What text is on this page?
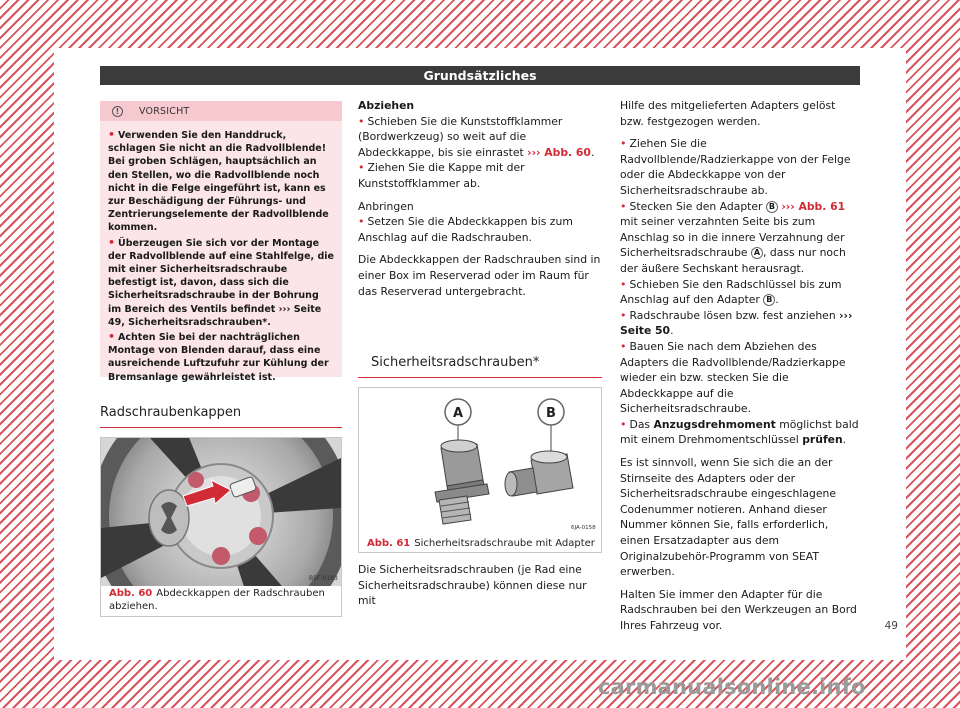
Grundsätzliches
!	VORSICHT
• Verwenden Sie den Handdruck, schlagen Sie nicht an die Radvollblende! Bei groben Schlägen, hauptsächlich an den Stellen, wo die Radvollblende noch nicht in die Felge eingeführt ist, kann es zur Beschädigung der Führungs- und Zentrierungselemente der Radvollblende kommen.
• Überzeugen Sie sich vor der Montage der Radvollblende auf eine Stahlfelge, die mit einer Sicherheitsradschraube befestigt ist, davon, dass sich die Sicherheitsradschraube in der Bohrung im Bereich des Ventils befindet ››› Seite 49, Sicherheitsradschrauben*.
• Achten Sie bei der nachträglichen Montage von Blenden darauf, dass eine ausreichende Luftzufuhr zur Kühlung der Bremsanlage gewährleistet ist.
Radschraubenkappen
B5F-0183
Abb. 60 Abdeckkappen der Radschrauben abziehen.

Abziehen

• Schieben Sie die Kunststoffklammer (Bordwerkzeug) so weit auf die Abdeckkappe, bis sie einrastet ››› Abb. 60.

• Ziehen Sie die Kappe mit der Kunststoffklammer ab.

Anbringen

• Setzen Sie die Abdeckkappen bis zum Anschlag auf die Radschrauben.

Die Abdeckkappen der Radschrauben sind in einer Box im Reserverad oder im Raum für das Reserverad untergebracht.

Sicherheitsradschrauben*
A	B
6JA-0158
Abb. 61 Sicherheitsradschraube mit Adapter

Die Sicherheitsradschrauben (je Rad eine Sicherheitsradschraube) können diese nur mit

Hilfe des mitgelieferten Adapters gelöst bzw. festgezogen werden.

• Ziehen Sie die Radvollblende/Radzierkappe von der Felge oder die Abdeckkappe von der Sicherheitsradschraube ab.

• Stecken Sie den Adapter B ››› Abb. 61 mit seiner verzahnten Seite bis zum Anschlag so in die innere Verzahnung der Sicherheitsradschraube A , dass nur noch der äußere Sechskant herausragt.

• Schieben Sie den Radschlüssel bis zum Anschlag auf den Adapter B .

• Radschraube lösen bzw. fest anziehen ››› Seite 50.

• Bauen Sie nach dem Abziehen des Adapters die Radvollblende/Radzierkappe wieder ein bzw. stecken Sie die Abdeckkappe auf die Sicherheitsradschraube.

• Das Anzugsdrehmoment möglichst bald mit einem Drehmomentschlüssel prüfen.

Es ist sinnvoll, wenn Sie sich die an der Stirnseite des Adapters oder der Sicherheitsradschraube eingeschlagene Codenummer notieren. Anhand dieser Nummer können Sie, falls erforderlich, einen Ersatzadapter aus dem Originalzubehör-Programm von SEAT erwerben.

Halten Sie immer den Adapter für die Radschrauben bei den Werkzeugen an Bord Ihres Fahrzeug vor.	49
carmanualsonline.info
